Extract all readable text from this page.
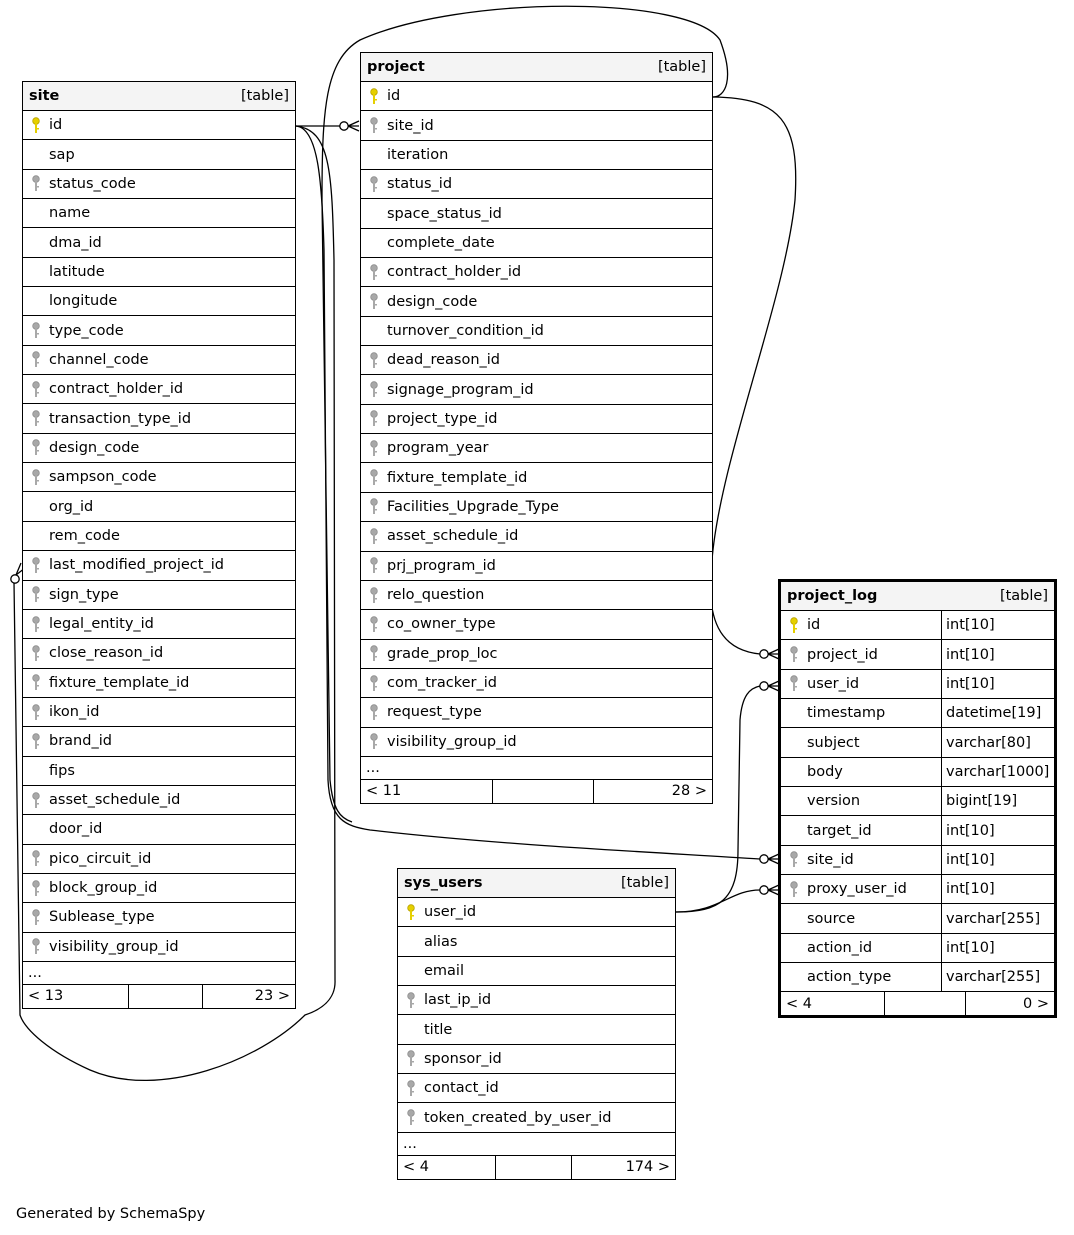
site	[table]
id
sap
status_code
name
dma_id
latitude
longitude
type_code
channel_code
contract_holder_id
transaction_type_id
design_code
sampson_code
org_id
rem_code
last_modified_project_id
sign_type
legal_entity_id
close_reason_id
fixture_template_id
ikon_id
brand_id
fips
asset_schedule_id
door_id
pico_circuit_id
block_group_id
Sublease_type
visibility_group_id
...
< 13	23 >
project	[table]
id
site_id
iteration
status_id
space_status_id
complete_date
contract_holder_id
design_code
turnover_condition_id
dead_reason_id
signage_program_id
project_type_id
program_year
fixture_template_id
Facilities_Upgrade_Type
asset_schedule_id
prj_program_id
relo_question
co_owner_type
grade_prop_loc
com_tracker_id
request_type
visibility_group_id
...
< 11	28 >
project_log	[table]
id	int[10]
project_id	int[10]
user_id	int[10]
timestamp	datetime[19]
subject	varchar[80]
body	varchar[1000]
version	bigint[19]
target_id	int[10]
site_id	int[10]
proxy_user_id	int[10]
source	varchar[255]
action_id	int[10]
action_type	varchar[255]
< 4	0 >
sys_users	[table]
user_id
alias
email
last_ip_id
title
sponsor_id
contact_id
token_created_by_user_id
...
< 4	174 >
Generated by SchemaSpy
